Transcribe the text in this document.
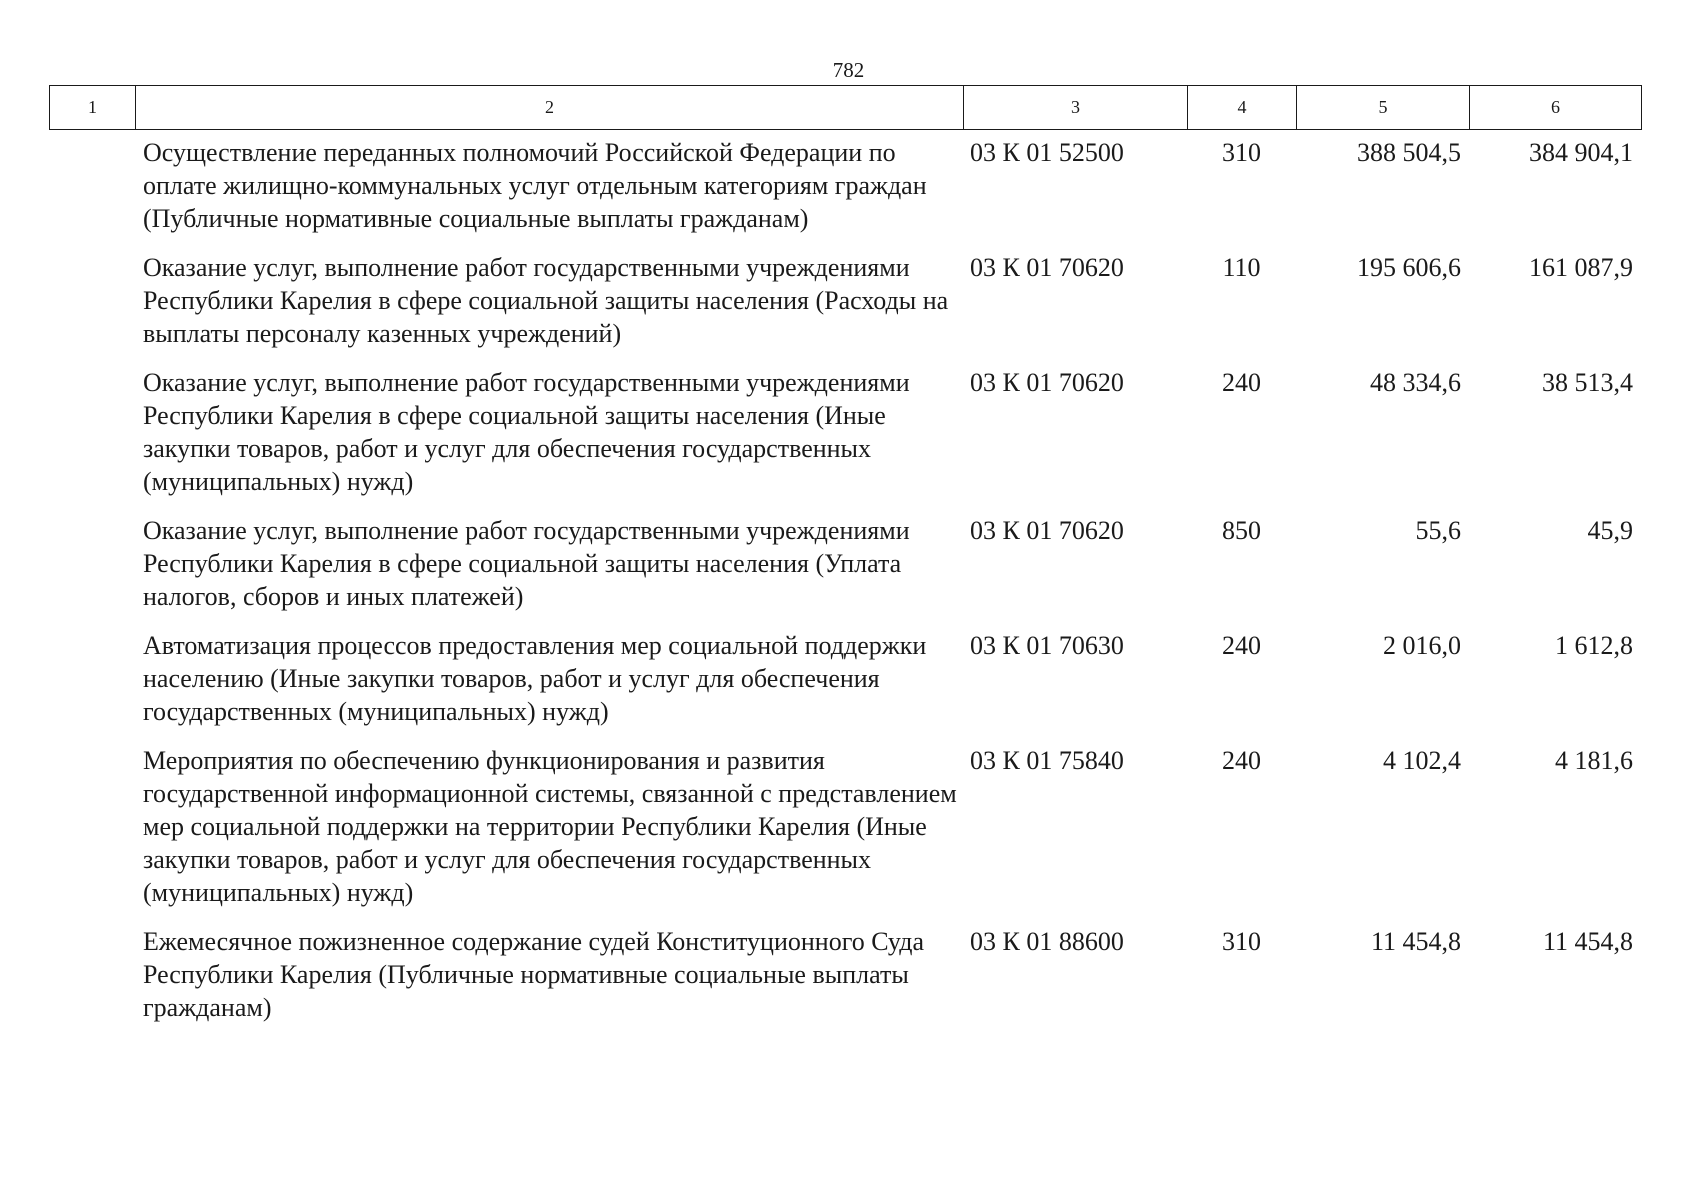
782
1	2	3	4	5	6
	Осуществление переданных полномочий Российской Федерации по оплате жилищно-коммунальных услуг отдельным категориям граждан (Публичные нормативные социальные выплаты гражданам)	03 К 01 52500	310	388 504,5	384 904,1
	Оказание услуг, выполнение работ государственными учреждениями Республики Карелия в сфере социальной защиты населения (Расходы на выплаты персоналу казенных учреждений)	03 К 01 70620	110	195 606,6	161 087,9
	Оказание услуг, выполнение работ государственными учреждениями Республики Карелия в сфере социальной защиты населения (Иные закупки товаров, работ и услуг для обеспечения государственных (муниципальных) нужд)	03 К 01 70620	240	48 334,6	38 513,4
	Оказание услуг, выполнение работ государственными учреждениями Республики Карелия в сфере социальной защиты населения (Уплата налогов, сборов и иных платежей)	03 К 01 70620	850	55,6	45,9
	Автоматизация процессов предоставления мер социальной поддержки населению (Иные закупки товаров, работ и услуг для обеспечения государственных (муниципальных) нужд)	03 К 01 70630	240	2 016,0	1 612,8
	Мероприятия по обеспечению функционирования и развития государственной информационной системы, связанной с представлением мер социальной поддержки на территории Республики Карелия (Иные закупки товаров, работ и услуг для обеспечения государственных (муниципальных) нужд)	03 К 01 75840	240	4 102,4	4 181,6
	Ежемесячное пожизненное содержание судей Конституционного Суда Республики Карелия (Публичные нормативные социальные выплаты гражданам)	03 К 01 88600	310	11 454,8	11 454,8
